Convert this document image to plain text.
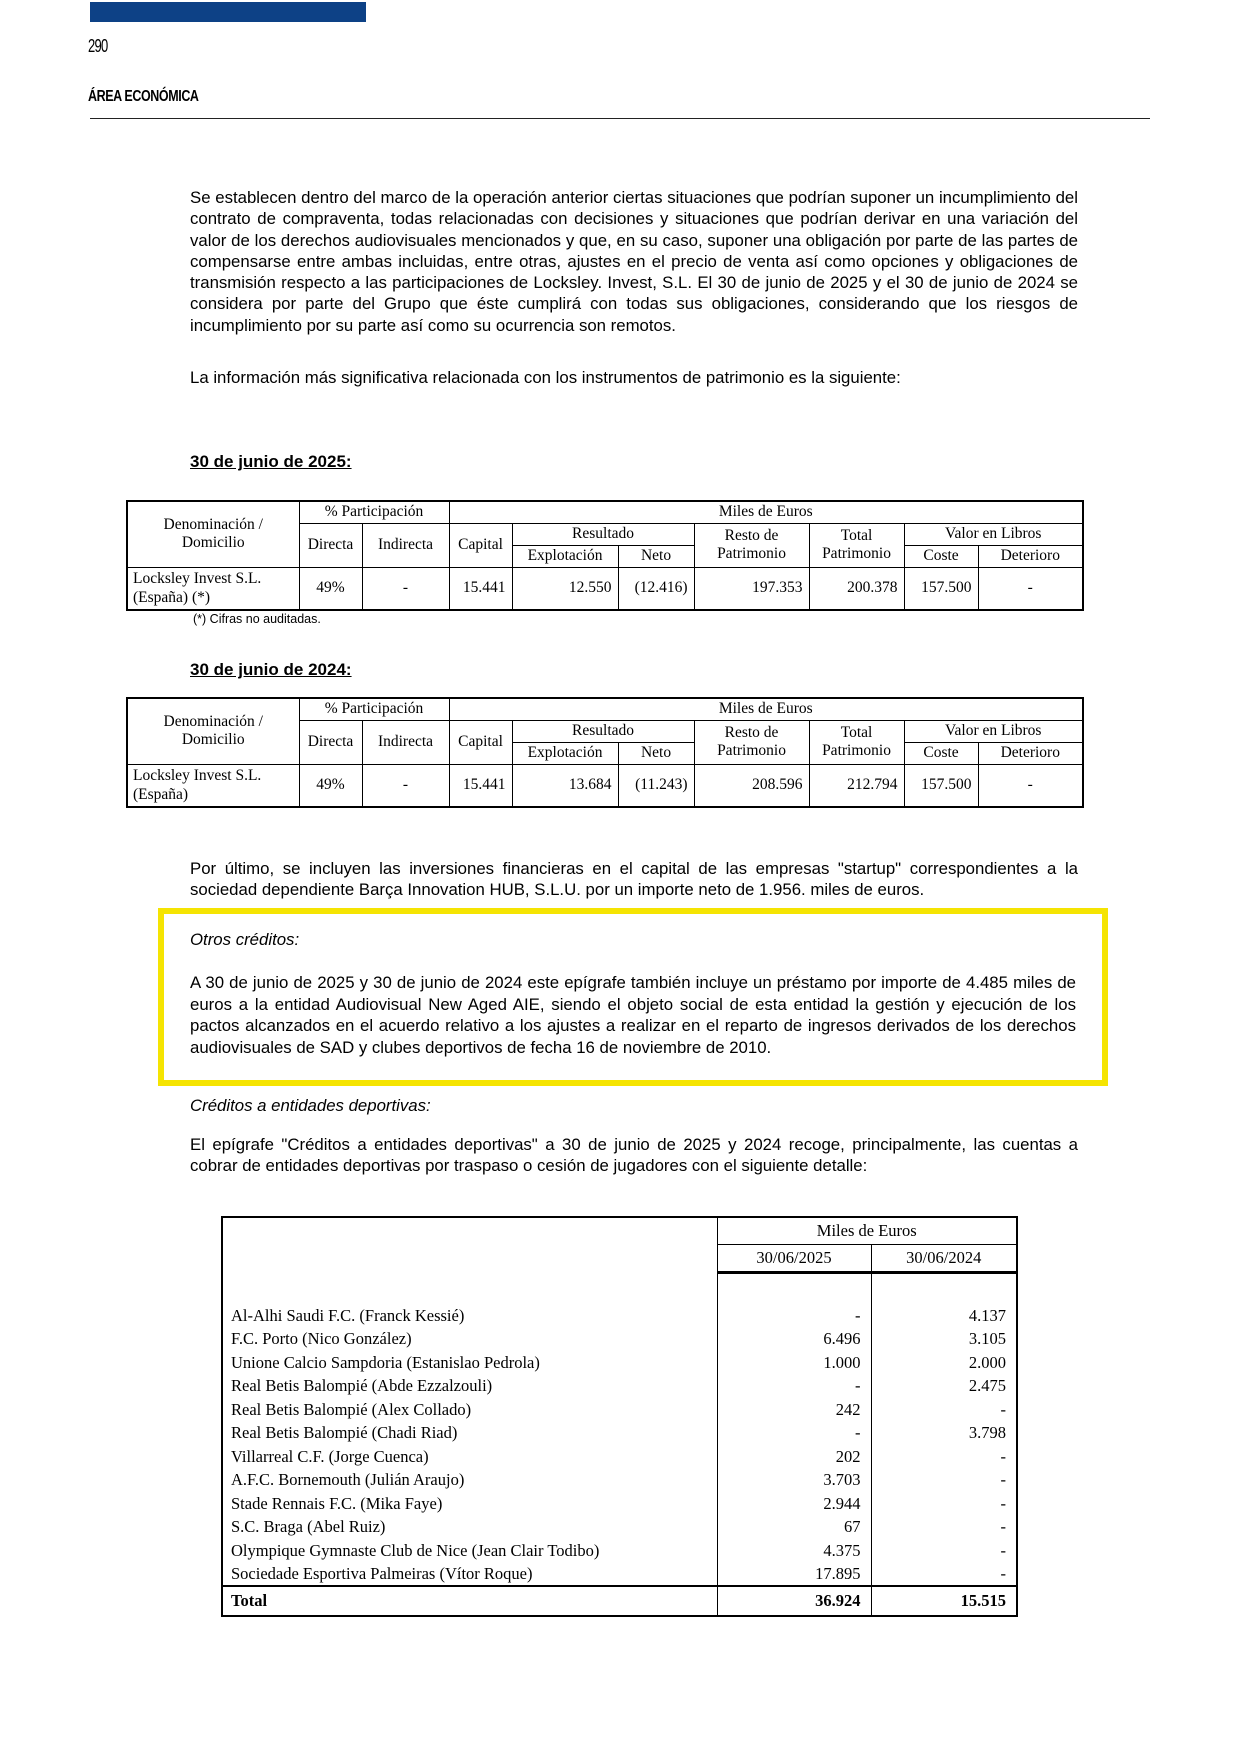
290
ÁREA ECONÓMICA
Se establecen dentro del marco de la operación anterior ciertas situaciones que podrían suponer un incumplimiento del contrato de compraventa, todas relacionadas con decisiones y situaciones que podrían derivar en una variación del valor de los derechos audiovisuales mencionados y que, en su caso, suponer una obligación por parte de las partes de compensarse entre ambas incluidas, entre otras, ajustes en el precio de venta así como opciones y obligaciones de transmisión respecto a las participaciones de Locksley. Invest, S.L. El 30 de junio de 2025 y el 30 de junio de 2024 se considera por parte del Grupo que éste cumplirá con todas sus obligaciones, considerando que los riesgos de incumplimiento por su parte así como su ocurrencia son remotos.
La información más significativa relacionada con los instrumentos de patrimonio es la siguiente:
30 de junio de 2025:
Denominación / Domicilio	% Participación		Miles de Euros						
	Directa	Indirecta	Capital	Resultado		Resto de Patrimonio	Total Patrimonio	Valor en Libros	
				Explotación	Neto			Coste	Deterioro
Locksley Invest S.L. (España) (*)	49%	-	15.441	12.550	(12.416)	197.353	200.378	157.500	-
(*) Cifras no auditadas.
30 de junio de 2024:
Denominación / Domicilio	% Participación		Miles de Euros						
	Directa	Indirecta	Capital	Resultado		Resto de Patrimonio	Total Patrimonio	Valor en Libros	
				Explotación	Neto			Coste	Deterioro
Locksley Invest S.L. (España)	49%	-	15.441	13.684	(11.243)	208.596	212.794	157.500	-
Por último, se incluyen las inversiones financieras en el capital de las empresas "startup" correspondientes a la sociedad dependiente Barça Innovation HUB, S.L.U. por un importe neto de 1.956. miles de euros.
Otros créditos:
A 30 de junio de 2025 y 30 de junio de 2024 este epígrafe también incluye un préstamo por importe de 4.485 miles de euros a la entidad Audiovisual New Aged AIE, siendo el objeto social de esta entidad la gestión y ejecución de los pactos alcanzados en el acuerdo relativo a los ajustes a realizar en el reparto de ingresos derivados de los derechos audiovisuales de SAD y clubes deportivos de fecha 16 de noviembre de 2010.
Créditos a entidades deportivas:
El epígrafe "Créditos a entidades deportivas" a 30 de junio de 2025 y 2024 recoge, principalmente, las cuentas a cobrar de entidades deportivas por traspaso o cesión de jugadores con el siguiente detalle:
	Miles de Euros	
	30/06/2025	30/06/2024

Al-Alhi Saudi F.C. (Franck Kessié)	-	4.137
F.C. Porto (Nico González)	6.496	3.105
Unione Calcio Sampdoria (Estanislao Pedrola)	1.000	2.000
Real Betis Balompié (Abde Ezzalzouli)	-	2.475
Real Betis Balompié (Alex Collado)	242	-
Real Betis Balompié (Chadi Riad)	-	3.798
Villarreal C.F. (Jorge Cuenca)	202	-
A.F.C. Bornemouth (Julián Araujo)	3.703	-
Stade Rennais F.C. (Mika Faye)	2.944	-
S.C. Braga (Abel Ruiz)	67	-
Olympique Gymnaste Club de Nice (Jean Clair Todibo)	4.375	-
Sociedade Esportiva Palmeiras (Vítor Roque)	17.895	-
Total	36.924	15.515
